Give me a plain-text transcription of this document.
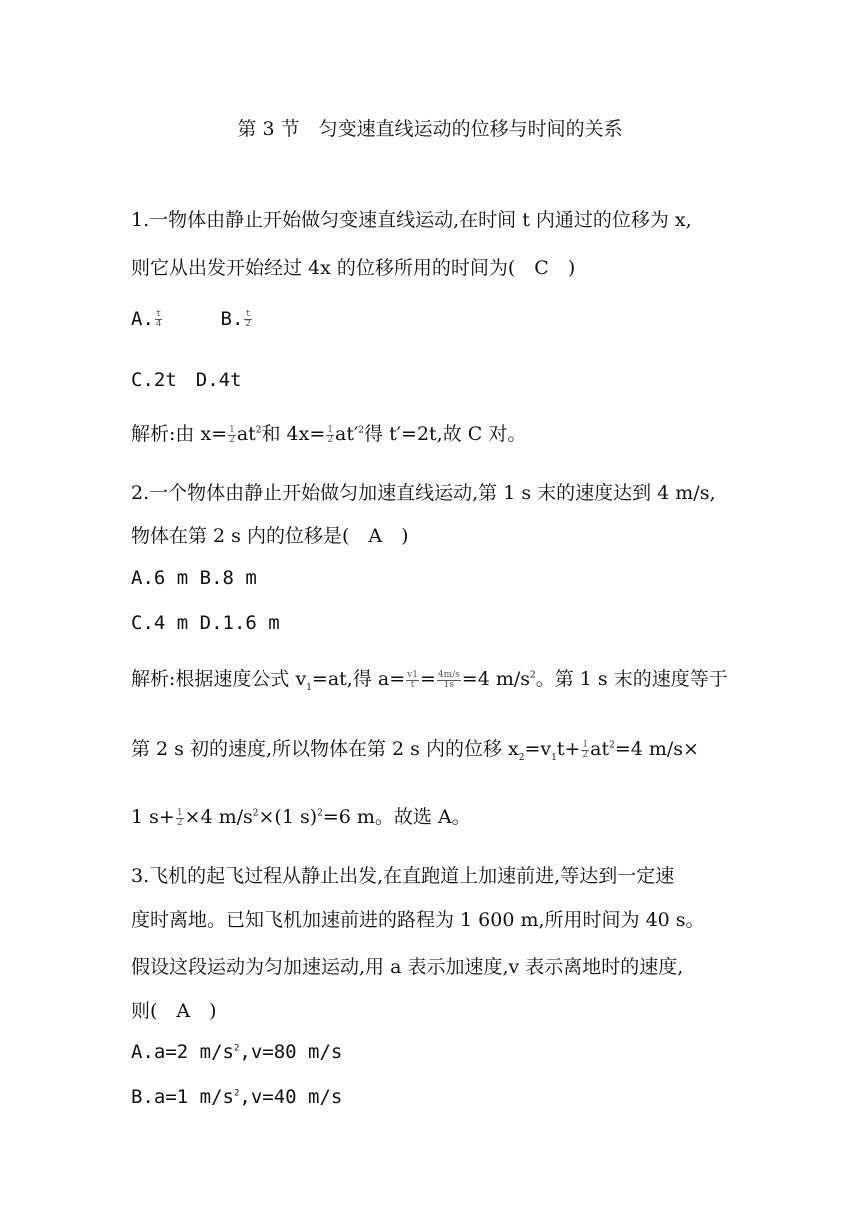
第 3 节　匀变速直线运动的位移与时间的关系
1.一物体由静止开始做匀变速直线运动,在时间 t 内通过的位移为 x,
则它从出发开始经过 4x 的位移所用的时间为(　C　)
A. $\frac{t}{4}$	B. $\frac{t}{2}$
C.2t　D.4t
解析:由 $x= \frac{1}{2} at^2$和 $4x= \frac{1}{2} at'^2$得 t′=2t,故 C 对。
2.一个物体由静止开始做匀加速直线运动,第 1 s 末的速度达到 4 m/s,
物体在第 2 s 内的位移是(　A　)
A.6 m B.8 m
C.4 m D.1.6 m
解析:根据速度公式 $v_1=at$,得 $a= \frac{v1}{t} = \frac{4m/s}{1s} =4$ $m/s^2$。第 1 s 末的速度等于
第 2 s 初的速度,所以物体在第 2 s 内的位移 $x_2=v_1t+ \frac{1}{2} at^2=4$ m/s×
1 $s+ \frac{1}{2} \times 4$ $m/s^2\times(1$ s)$^2$=6 m。故选 A。
3.飞机的起飞过程从静止出发,在直跑道上加速前进,等达到一定速
度时离地。已知飞机加速前进的路程为 1 600 m,所用时间为 40 s。
假设这段运动为匀加速运动,用 a 表示加速度,v 表示离地时的速度,
则(　A　)
A.a=2 $m/s^2,v=80$ m/s
B.a=1 $m/s^2,v=40$ m/s
